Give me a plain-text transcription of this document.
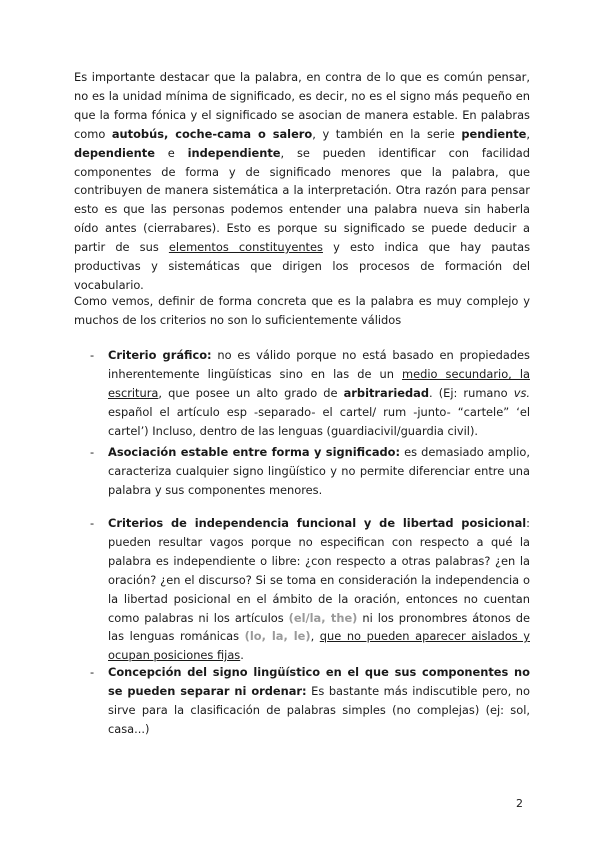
Es importante destacar que la palabra, en contra de lo que es común pensar, no es la unidad mínima de significado, es decir, no es el signo más pequeño en que la forma fónica y el significado se asocian de manera estable. En palabras como autobús, coche-cama o salero, y también en la serie pendiente, dependiente e independiente, se pueden identificar con facilidad componentes de forma y de significado menores que la palabra, que contribuyen de manera sistemática a la interpretación. Otra razón para pensar esto es que las personas podemos entender una palabra nueva sin haberla oído antes (cierrabares). Esto es porque su significado se puede deducir a partir de sus elementos constituyentes y esto indica que hay pautas productivas y sistemáticas que dirigen los procesos de formación del vocabulario.

Como vemos, definir de forma concreta que es la palabra es muy complejo y muchos de los criterios no son lo suficientemente válidos

- Criterio gráfico: no es válido porque no está basado en propiedades inherentemente lingüísticas sino en las de un medio secundario, la escritura, que posee un alto grado de arbitrariedad. (Ej: rumano vs. español el artículo esp -separado- el cartel/ rum -junto- “cartele” ‘el cartel’) Incluso, dentro de las lenguas (guardiacivil/guardia civil).

- Asociación estable entre forma y significado: es demasiado amplio, caracteriza cualquier signo lingüístico y no permite diferenciar entre una palabra y sus componentes menores.

- Criterios de independencia funcional y de libertad posicional: pueden resultar vagos porque no especifican con respecto a qué la palabra es independiente o libre: ¿con respecto a otras palabras? ¿en la oración? ¿en el discurso? Si se toma en consideración la independencia o la libertad posicional en el ámbito de la oración, entonces no cuentan como palabras ni los artículos (el/la, the) ni los pronombres átonos de las lenguas románicas (lo, la, le), que no pueden aparecer aislados y ocupan posiciones fijas.

- Concepción del signo lingüístico en el que sus componentes no se pueden separar ni ordenar: Es bastante más indiscutible pero, no sirve para la clasificación de palabras simples (no complejas) (ej: sol, casa...)

2
